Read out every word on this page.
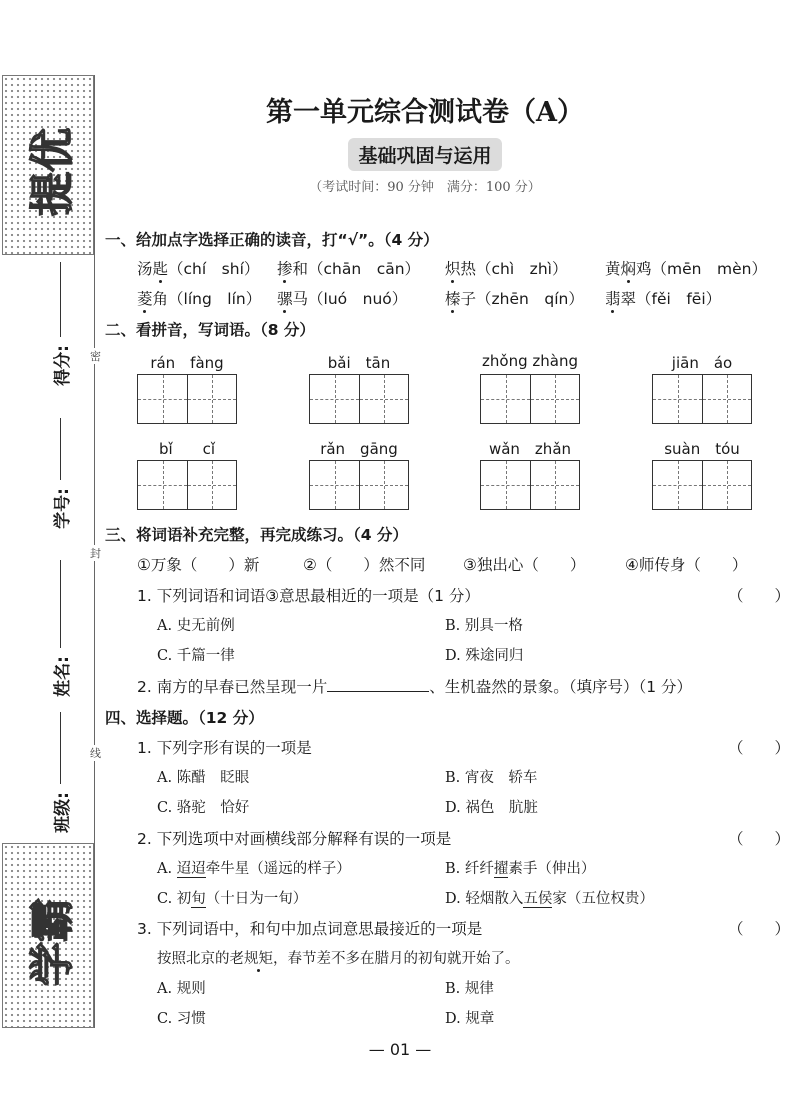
提优
学霸
得分:
学号:
姓名:
班级:
密
封
线
第一单元综合测试卷（A）
基础巩固与运用
（考试时间：90 分钟　满分：100 分）
一、给加点字选择正确的读音，打“√”。（4 分）
汤匙（chí　shí） 掺和（chān　cān） 炽热（chì　zhì） 黄焖鸡（mēn　mèn）
菱角（líng　lín） 骡马（luó　nuó） 榛子（zhēn　qín） 翡翠（fěi　fēi）
二、看拼音，写词语。（8 分）
rán　fàng	bǎi　tān	zhǒng zhàng	jiān　áo
bǐ　　cǐ	rǎn　gāng	wǎn　zhǎn	suàn　tóu
三、将词语补充完整，再完成练习。（4 分）
①万象（　　）新	②（　　）然不同 ③独出心（　　）	④师传身（　　）
1. 下列词语和词语③意思最相近的一项是（1 分）	（　　）
A. 史无前例	B. 别具一格
C. 千篇一律	D. 殊途同归
2. 南方的早春已然呈现一片	、生机盎然的景象。（填序号）（1 分）
四、选择题。（12 分）
1. 下列字形有误的一项是	（　　）
A. 陈醋　眨眼	B. 宵夜　轿车
C. 骆驼　恰好	D. 祸色　肮脏
2. 下列选项中对画横线部分解释有误的一项是	（　　）
A. 迢迢牵牛星（遥远的样子）	B. 纤纤擢素手（伸出）
C. 初旬（十日为一旬）	D. 轻烟散入五侯家（五位权贵）
3. 下列词语中，和句中加点词意思最接近的一项是	（　　）
按照北京的老规矩，春节差不多在腊月的初旬就开始了。
A. 规则	B. 规律
C. 习惯	D. 规章
— 01 —
